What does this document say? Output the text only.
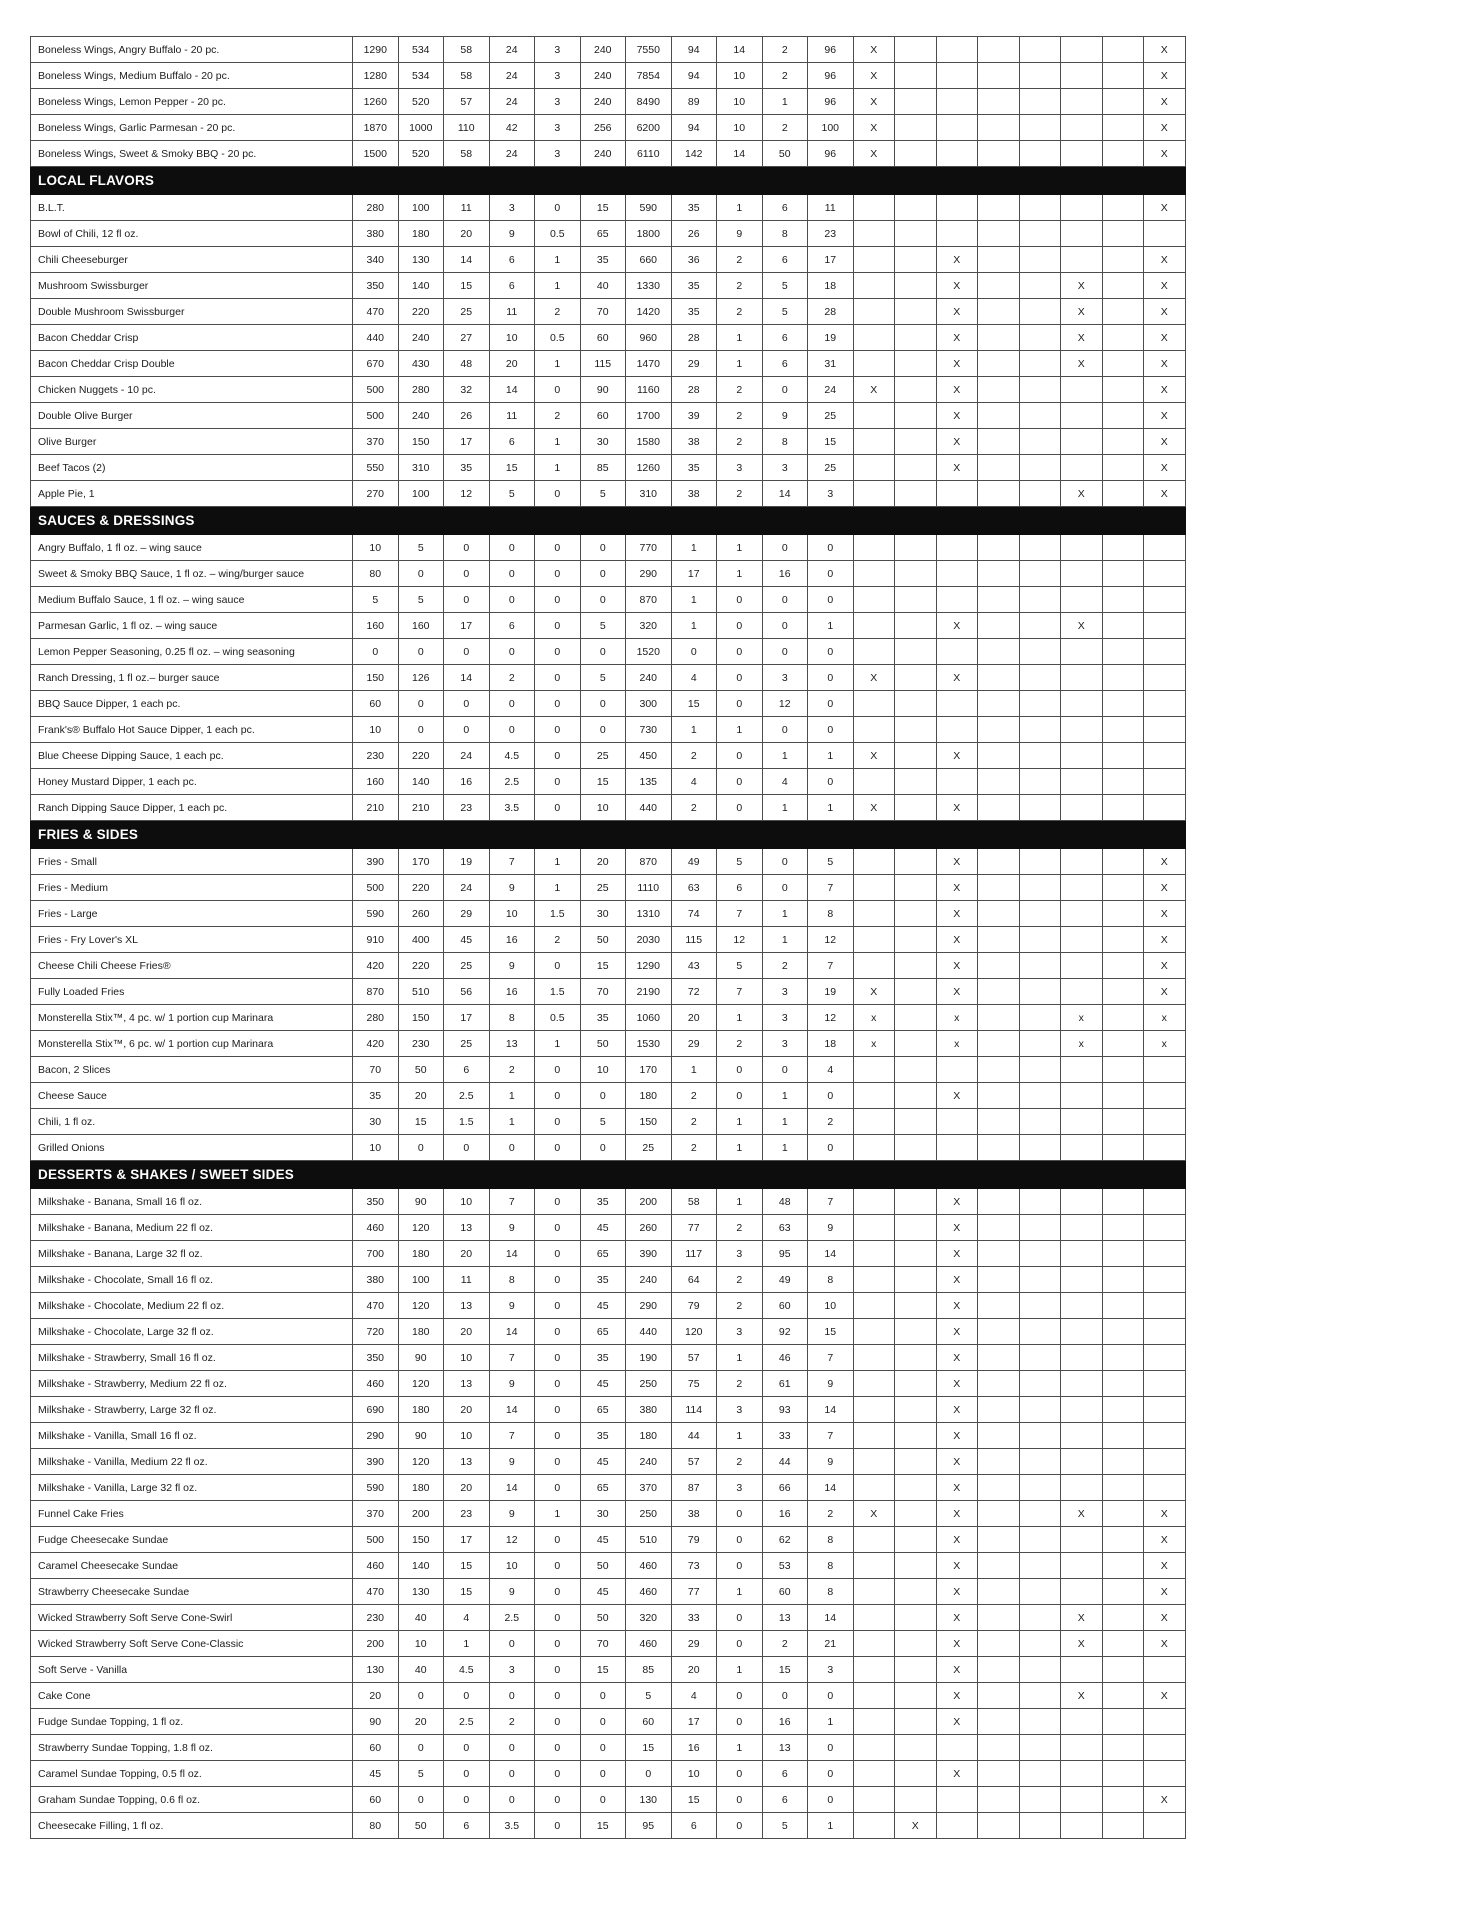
Boneless Wings, Angry Buffalo - 20 pc.	1290	534	58	24	3	240	7550	94	14	2	96	X							X
Boneless Wings, Medium Buffalo - 20 pc.	1280	534	58	24	3	240	7854	94	10	2	96	X							X
Boneless Wings, Lemon Pepper - 20 pc.	1260	520	57	24	3	240	8490	89	10	1	96	X							X
Boneless Wings, Garlic Parmesan - 20 pc.	1870	1000	110	42	3	256	6200	94	10	2	100	X							X
Boneless Wings, Sweet & Smoky BBQ - 20 pc.	1500	520	58	24	3	240	6110	142	14	50	96	X							X
LOCAL FLAVORS																			
B.L.T.	280	100	11	3	0	15	590	35	1	6	11								X
Bowl of Chili, 12 fl oz.	380	180	20	9	0.5	65	1800	26	9	8	23								
Chili Cheeseburger	340	130	14	6	1	35	660	36	2	6	17			X					X
Mushroom Swissburger	350	140	15	6	1	40	1330	35	2	5	18			X			X		X
Double Mushroom Swissburger	470	220	25	11	2	70	1420	35	2	5	28			X			X		X
Bacon Cheddar Crisp	440	240	27	10	0.5	60	960	28	1	6	19			X			X		X
Bacon Cheddar Crisp Double	670	430	48	20	1	115	1470	29	1	6	31			X			X		X
Chicken Nuggets - 10 pc.	500	280	32	14	0	90	1160	28	2	0	24	X		X					X
Double Olive Burger	500	240	26	11	2	60	1700	39	2	9	25			X					X
Olive Burger	370	150	17	6	1	30	1580	38	2	8	15			X					X
Beef Tacos (2)	550	310	35	15	1	85	1260	35	3	3	25			X					X
Apple Pie, 1	270	100	12	5	0	5	310	38	2	14	3						X		X
SAUCES & DRESSINGS																			
Angry Buffalo, 1 fl oz. – wing sauce	10	5	0	0	0	0	770	1	1	0	0								
Sweet & Smoky BBQ Sauce, 1 fl oz. – wing/burger sauce	80	0	0	0	0	0	290	17	1	16	0								
Medium Buffalo Sauce, 1 fl oz. – wing sauce	5	5	0	0	0	0	870	1	0	0	0								
Parmesan Garlic, 1 fl oz. – wing sauce	160	160	17	6	0	5	320	1	0	0	1			X			X		
Lemon Pepper Seasoning, 0.25 fl oz. – wing seasoning	0	0	0	0	0	0	1520	0	0	0	0								
Ranch Dressing, 1 fl oz.– burger sauce	150	126	14	2	0	5	240	4	0	3	0	X		X					
BBQ Sauce Dipper, 1 each pc.	60	0	0	0	0	0	300	15	0	12	0								
Frank's® Buffalo Hot Sauce Dipper, 1 each pc.	10	0	0	0	0	0	730	1	1	0	0								
Blue Cheese Dipping Sauce, 1 each pc.	230	220	24	4.5	0	25	450	2	0	1	1	X		X					
Honey Mustard Dipper, 1 each pc.	160	140	16	2.5	0	15	135	4	0	4	0								
Ranch Dipping Sauce Dipper, 1 each pc.	210	210	23	3.5	0	10	440	2	0	1	1	X		X					
FRIES & SIDES																			
Fries - Small	390	170	19	7	1	20	870	49	5	0	5			X					X
Fries - Medium	500	220	24	9	1	25	1110	63	6	0	7			X					X
Fries - Large	590	260	29	10	1.5	30	1310	74	7	1	8			X					X
Fries - Fry Lover's XL	910	400	45	16	2	50	2030	115	12	1	12			X					X
Cheese Chili Cheese Fries®	420	220	25	9	0	15	1290	43	5	2	7			X					X
Fully Loaded Fries	870	510	56	16	1.5	70	2190	72	7	3	19	X		X					X
Monsterella Stix™, 4 pc. w/ 1 portion cup Marinara	280	150	17	8	0.5	35	1060	20	1	3	12	x		x			x		x
Monsterella Stix™, 6 pc. w/ 1 portion cup Marinara	420	230	25	13	1	50	1530	29	2	3	18	x		x			x		x
Bacon, 2 Slices	70	50	6	2	0	10	170	1	0	0	4								
Cheese Sauce	35	20	2.5	1	0	0	180	2	0	1	0			X					
Chili, 1 fl oz.	30	15	1.5	1	0	5	150	2	1	1	2								
Grilled Onions	10	0	0	0	0	0	25	2	1	1	0								
DESSERTS & SHAKES / SWEET SIDES																			
Milkshake - Banana, Small 16 fl oz.	350	90	10	7	0	35	200	58	1	48	7			X					
Milkshake - Banana, Medium 22 fl oz.	460	120	13	9	0	45	260	77	2	63	9			X					
Milkshake - Banana, Large 32 fl oz.	700	180	20	14	0	65	390	117	3	95	14			X					
Milkshake - Chocolate, Small 16 fl oz.	380	100	11	8	0	35	240	64	2	49	8			X					
Milkshake - Chocolate, Medium 22 fl oz.	470	120	13	9	0	45	290	79	2	60	10			X					
Milkshake - Chocolate, Large 32 fl oz.	720	180	20	14	0	65	440	120	3	92	15			X					
Milkshake - Strawberry, Small 16 fl oz.	350	90	10	7	0	35	190	57	1	46	7			X					
Milkshake - Strawberry, Medium 22 fl oz.	460	120	13	9	0	45	250	75	2	61	9			X					
Milkshake - Strawberry, Large 32 fl oz.	690	180	20	14	0	65	380	114	3	93	14			X					
Milkshake - Vanilla, Small 16 fl oz.	290	90	10	7	0	35	180	44	1	33	7			X					
Milkshake - Vanilla, Medium 22 fl oz.	390	120	13	9	0	45	240	57	2	44	9			X					
Milkshake - Vanilla, Large 32 fl oz.	590	180	20	14	0	65	370	87	3	66	14			X					
Funnel Cake Fries	370	200	23	9	1	30	250	38	0	16	2	X		X			X		X
Fudge Cheesecake Sundae	500	150	17	12	0	45	510	79	0	62	8			X					X
Caramel Cheesecake Sundae	460	140	15	10	0	50	460	73	0	53	8			X					X
Strawberry Cheesecake Sundae	470	130	15	9	0	45	460	77	1	60	8			X					X
Wicked Strawberry Soft Serve Cone-Swirl	230	40	4	2.5	0	50	320	33	0	13	14			X			X		X
Wicked Strawberry Soft Serve Cone-Classic	200	10	1	0	0	70	460	29	0	2	21			X			X		X
Soft Serve - Vanilla	130	40	4.5	3	0	15	85	20	1	15	3			X					
Cake Cone	20	0	0	0	0	0	5	4	0	0	0			X			X		X
Fudge Sundae Topping, 1 fl oz.	90	20	2.5	2	0	0	60	17	0	16	1			X					
Strawberry Sundae Topping, 1.8 fl oz.	60	0	0	0	0	0	15	16	1	13	0								
Caramel Sundae Topping, 0.5 fl oz.	45	5	0	0	0	0	0	10	0	6	0			X					
Graham Sundae Topping, 0.6 fl oz.	60	0	0	0	0	0	130	15	0	6	0								X
Cheesecake Filling, 1 fl oz.	80	50	6	3.5	0	15	95	6	0	5	1		X						
